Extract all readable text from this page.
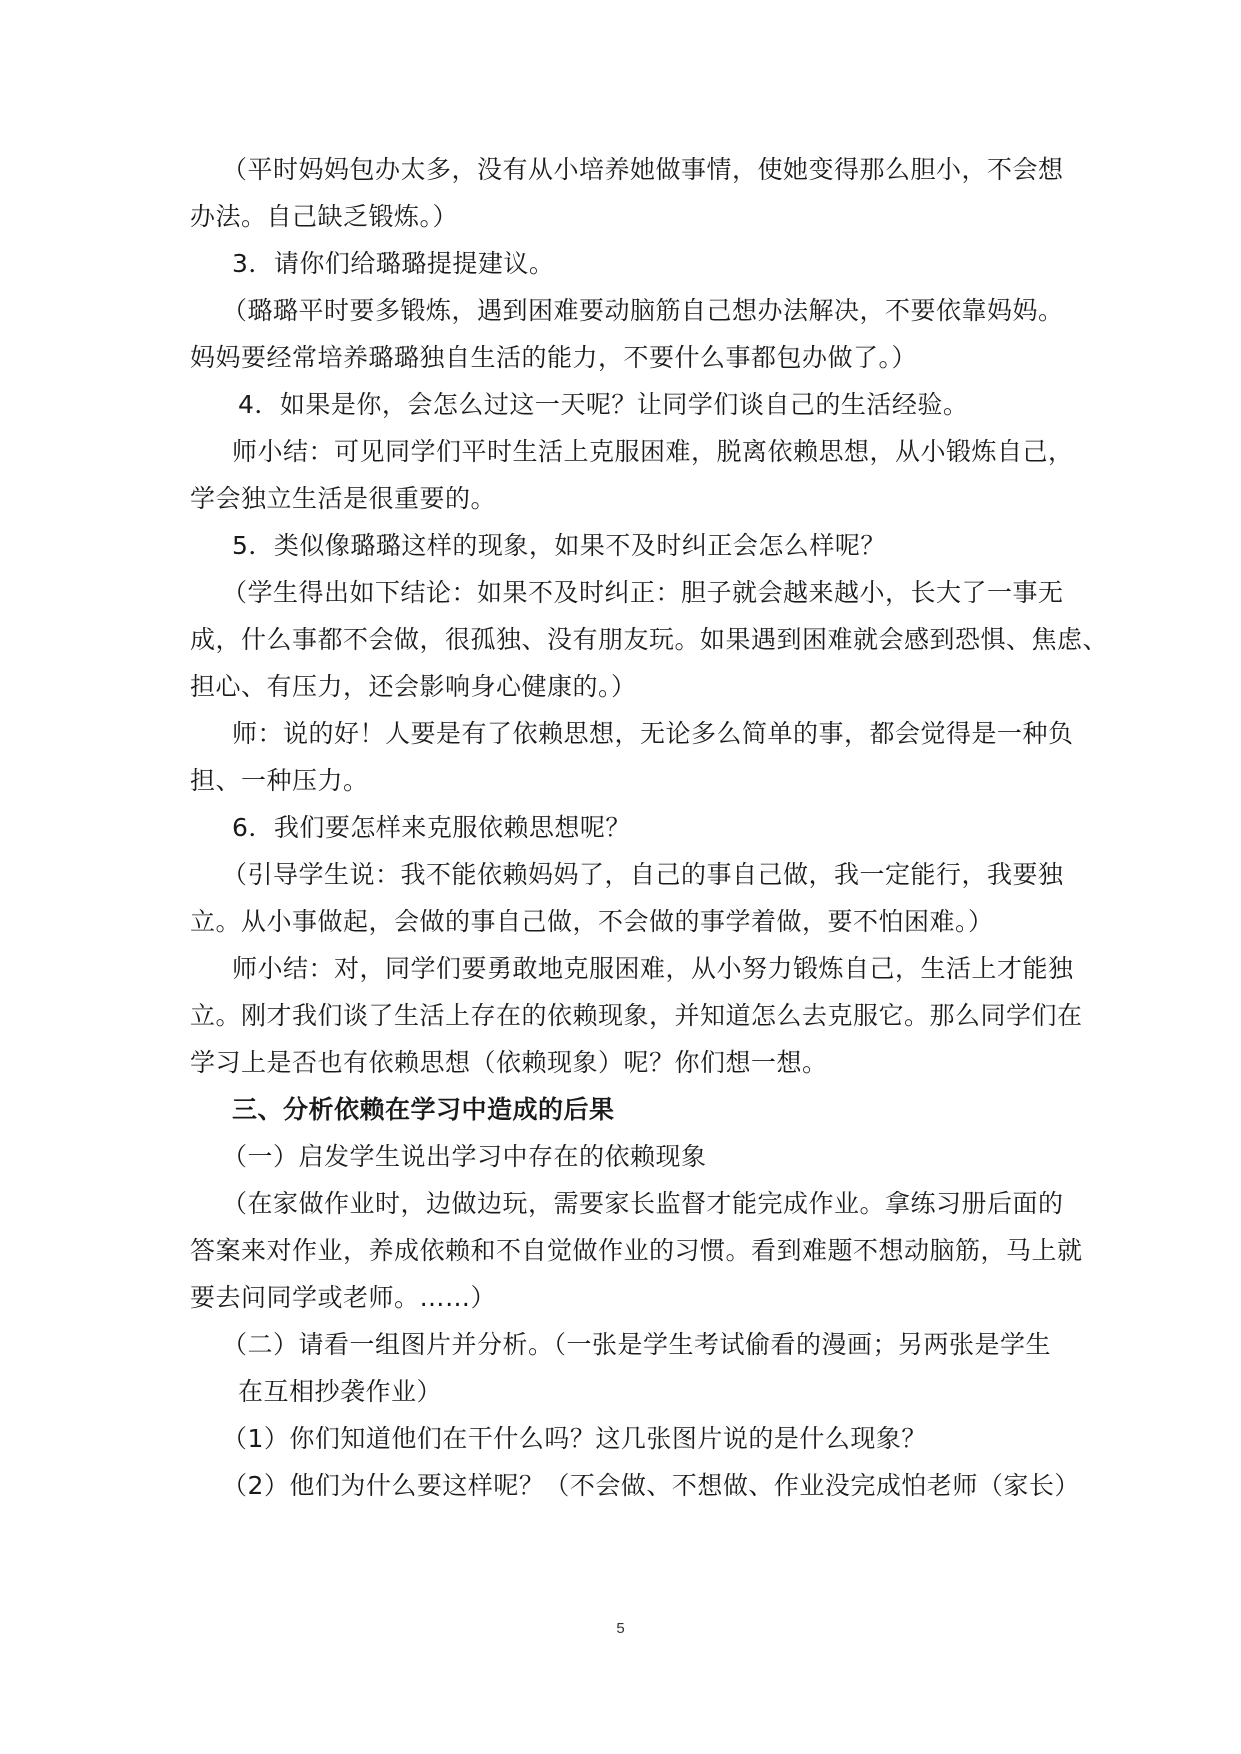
（平时妈妈包办太多，没有从小培养她做事情，使她变得那么胆小，不会想
办法。自己缺乏锻炼。）
3．请你们给璐璐提提建议。
（璐璐平时要多锻炼，遇到困难要动脑筋自己想办法解决，不要依靠妈妈。
妈妈要经常培养璐璐独自生活的能力，不要什么事都包办做了。）
4．如果是你，会怎么过这一天呢？让同学们谈自己的生活经验。
师小结：可见同学们平时生活上克服困难，脱离依赖思想，从小锻炼自己，
学会独立生活是很重要的。
5．类似像璐璐这样的现象，如果不及时纠正会怎么样呢？
（学生得出如下结论：如果不及时纠正：胆子就会越来越小，长大了一事无
成，什么事都不会做，很孤独、没有朋友玩。如果遇到困难就会感到恐惧、焦虑、
担心、有压力，还会影响身心健康的。）
师：说的好！人要是有了依赖思想，无论多么简单的事，都会觉得是一种负
担、一种压力。
6．我们要怎样来克服依赖思想呢？
（引导学生说：我不能依赖妈妈了，自己的事自己做，我一定能行，我要独
立。从小事做起，会做的事自己做，不会做的事学着做，要不怕困难。）
师小结：对，同学们要勇敢地克服困难，从小努力锻炼自己，生活上才能独
立。刚才我们谈了生活上存在的依赖现象，并知道怎么去克服它。那么同学们在
学习上是否也有依赖思想（依赖现象）呢？你们想一想。
三、分析依赖在学习中造成的后果
（一）启发学生说出学习中存在的依赖现象
（在家做作业时，边做边玩，需要家长监督才能完成作业。拿练习册后面的
答案来对作业，养成依赖和不自觉做作业的习惯。看到难题不想动脑筋，马上就
要去问同学或老师。……）
（二）请看一组图片并分析。（一张是学生考试偷看的漫画；另两张是学生
在互相抄袭作业）
（1）你们知道他们在干什么吗？这几张图片说的是什么现象？
（2）他们为什么要这样呢？（不会做、不想做、作业没完成怕老师（家长）
5
